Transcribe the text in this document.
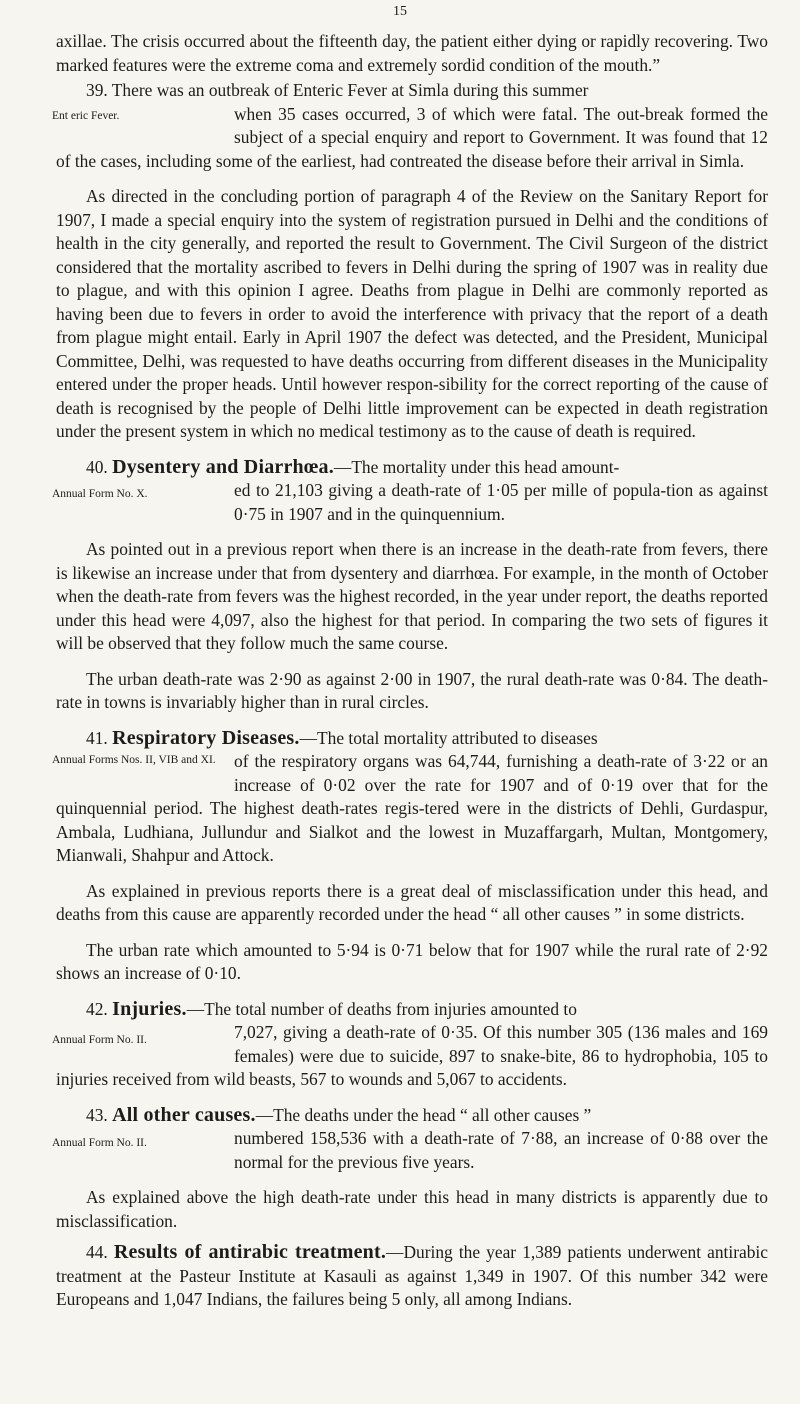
15

axillae. The crisis occurred about the fifteenth day, the patient either dying or rapidly recovering. Two marked features were the extreme coma and extremely sordid condition of the mouth.”

39. There was an outbreak of Enteric Fever at Simla during this summer

Ent eric Fever.	when 35 cases occurred, 3 of which were fatal. The out-break formed the subject of a special enquiry and report to Government. It was found that 12 of the cases, including some of the earliest, had contreated the disease before their arrival in Simla.

As directed in the concluding portion of paragraph 4 of the Review on the Sanitary Report for 1907, I made a special enquiry into the system of registration pursued in Delhi and the conditions of health in the city generally, and reported the result to Government. The Civil Surgeon of the district considered that the mortality ascribed to fevers in Delhi during the spring of 1907 was in reality due to plague, and with this opinion I agree. Deaths from plague in Delhi are commonly reported as having been due to fevers in order to avoid the interference with privacy that the report of a death from plague might entail. Early in April 1907 the defect was detected, and the President, Municipal Committee, Delhi, was requested to have deaths occurring from different diseases in the Municipality entered under the proper heads. Until however respon-sibility for the correct reporting of the cause of death is recognised by the people of Delhi little improvement can be expected in death registration under the present system in which no medical testimony as to the cause of death is required.

40. Dysentery and Diarrhœa.—The mortality under this head amount-

Annual Form No. X.	ed to 21,103 giving a death-rate of 1·05 per mille of popula-tion as against 0·75 in 1907 and in the quinquennium.

As pointed out in a previous report when there is an increase in the death-rate from fevers, there is likewise an increase under that from dysentery and diarrhœa. For example, in the month of October when the death-rate from fevers was the highest recorded, in the year under report, the deaths reported under this head were 4,097, also the highest for that period. In comparing the two sets of figures it will be observed that they follow much the same course.

The urban death-rate was 2·90 as against 2·00 in 1907, the rural death-rate was 0·84. The death-rate in towns is invariably higher than in rural circles.

41. Respiratory Diseases.—The total mortality attributed to diseases

Annual Forms Nos. II, VIB and XI.	of the respiratory organs was 64,744, furnishing a death-rate of 3·22 or an increase of 0·02 over the rate for 1907 and of 0·19 over that for the quinquennial period. The highest death-rates regis-tered were in the districts of Dehli, Gurdaspur, Ambala, Ludhiana, Jullundur and Sialkot and the lowest in Muzaffargarh, Multan, Montgomery, Mianwali, Shahpur and Attock.

As explained in previous reports there is a great deal of misclassification under this head, and deaths from this cause are apparently recorded under the head “ all other causes ” in some districts.

The urban rate which amounted to 5·94 is 0·71 below that for 1907 while the rural rate of 2·92 shows an increase of 0·10.

42. Injuries.—The total number of deaths from injuries amounted to

Annual Form No. II.	7,027, giving a death-rate of 0·35. Of this number 305 (136 males and 169 females) were due to suicide, 897 to snake-bite, 86 to hydrophobia, 105 to injuries received from wild beasts, 567 to wounds and 5,067 to accidents.

43. All other causes.—The deaths under the head “ all other causes ”

Annual Form No. II.	numbered 158,536 with a death-rate of 7·88, an increase of 0·88 over the normal for the previous five years.

As explained above the high death-rate under this head in many districts is apparently due to misclassification.

44. Results of antirabic treatment.—During the year 1,389 patients underwent antirabic treatment at the Pasteur Institute at Kasauli as against 1,349 in 1907. Of this number 342 were Europeans and 1,047 Indians, the failures being 5 only, all among Indians.
